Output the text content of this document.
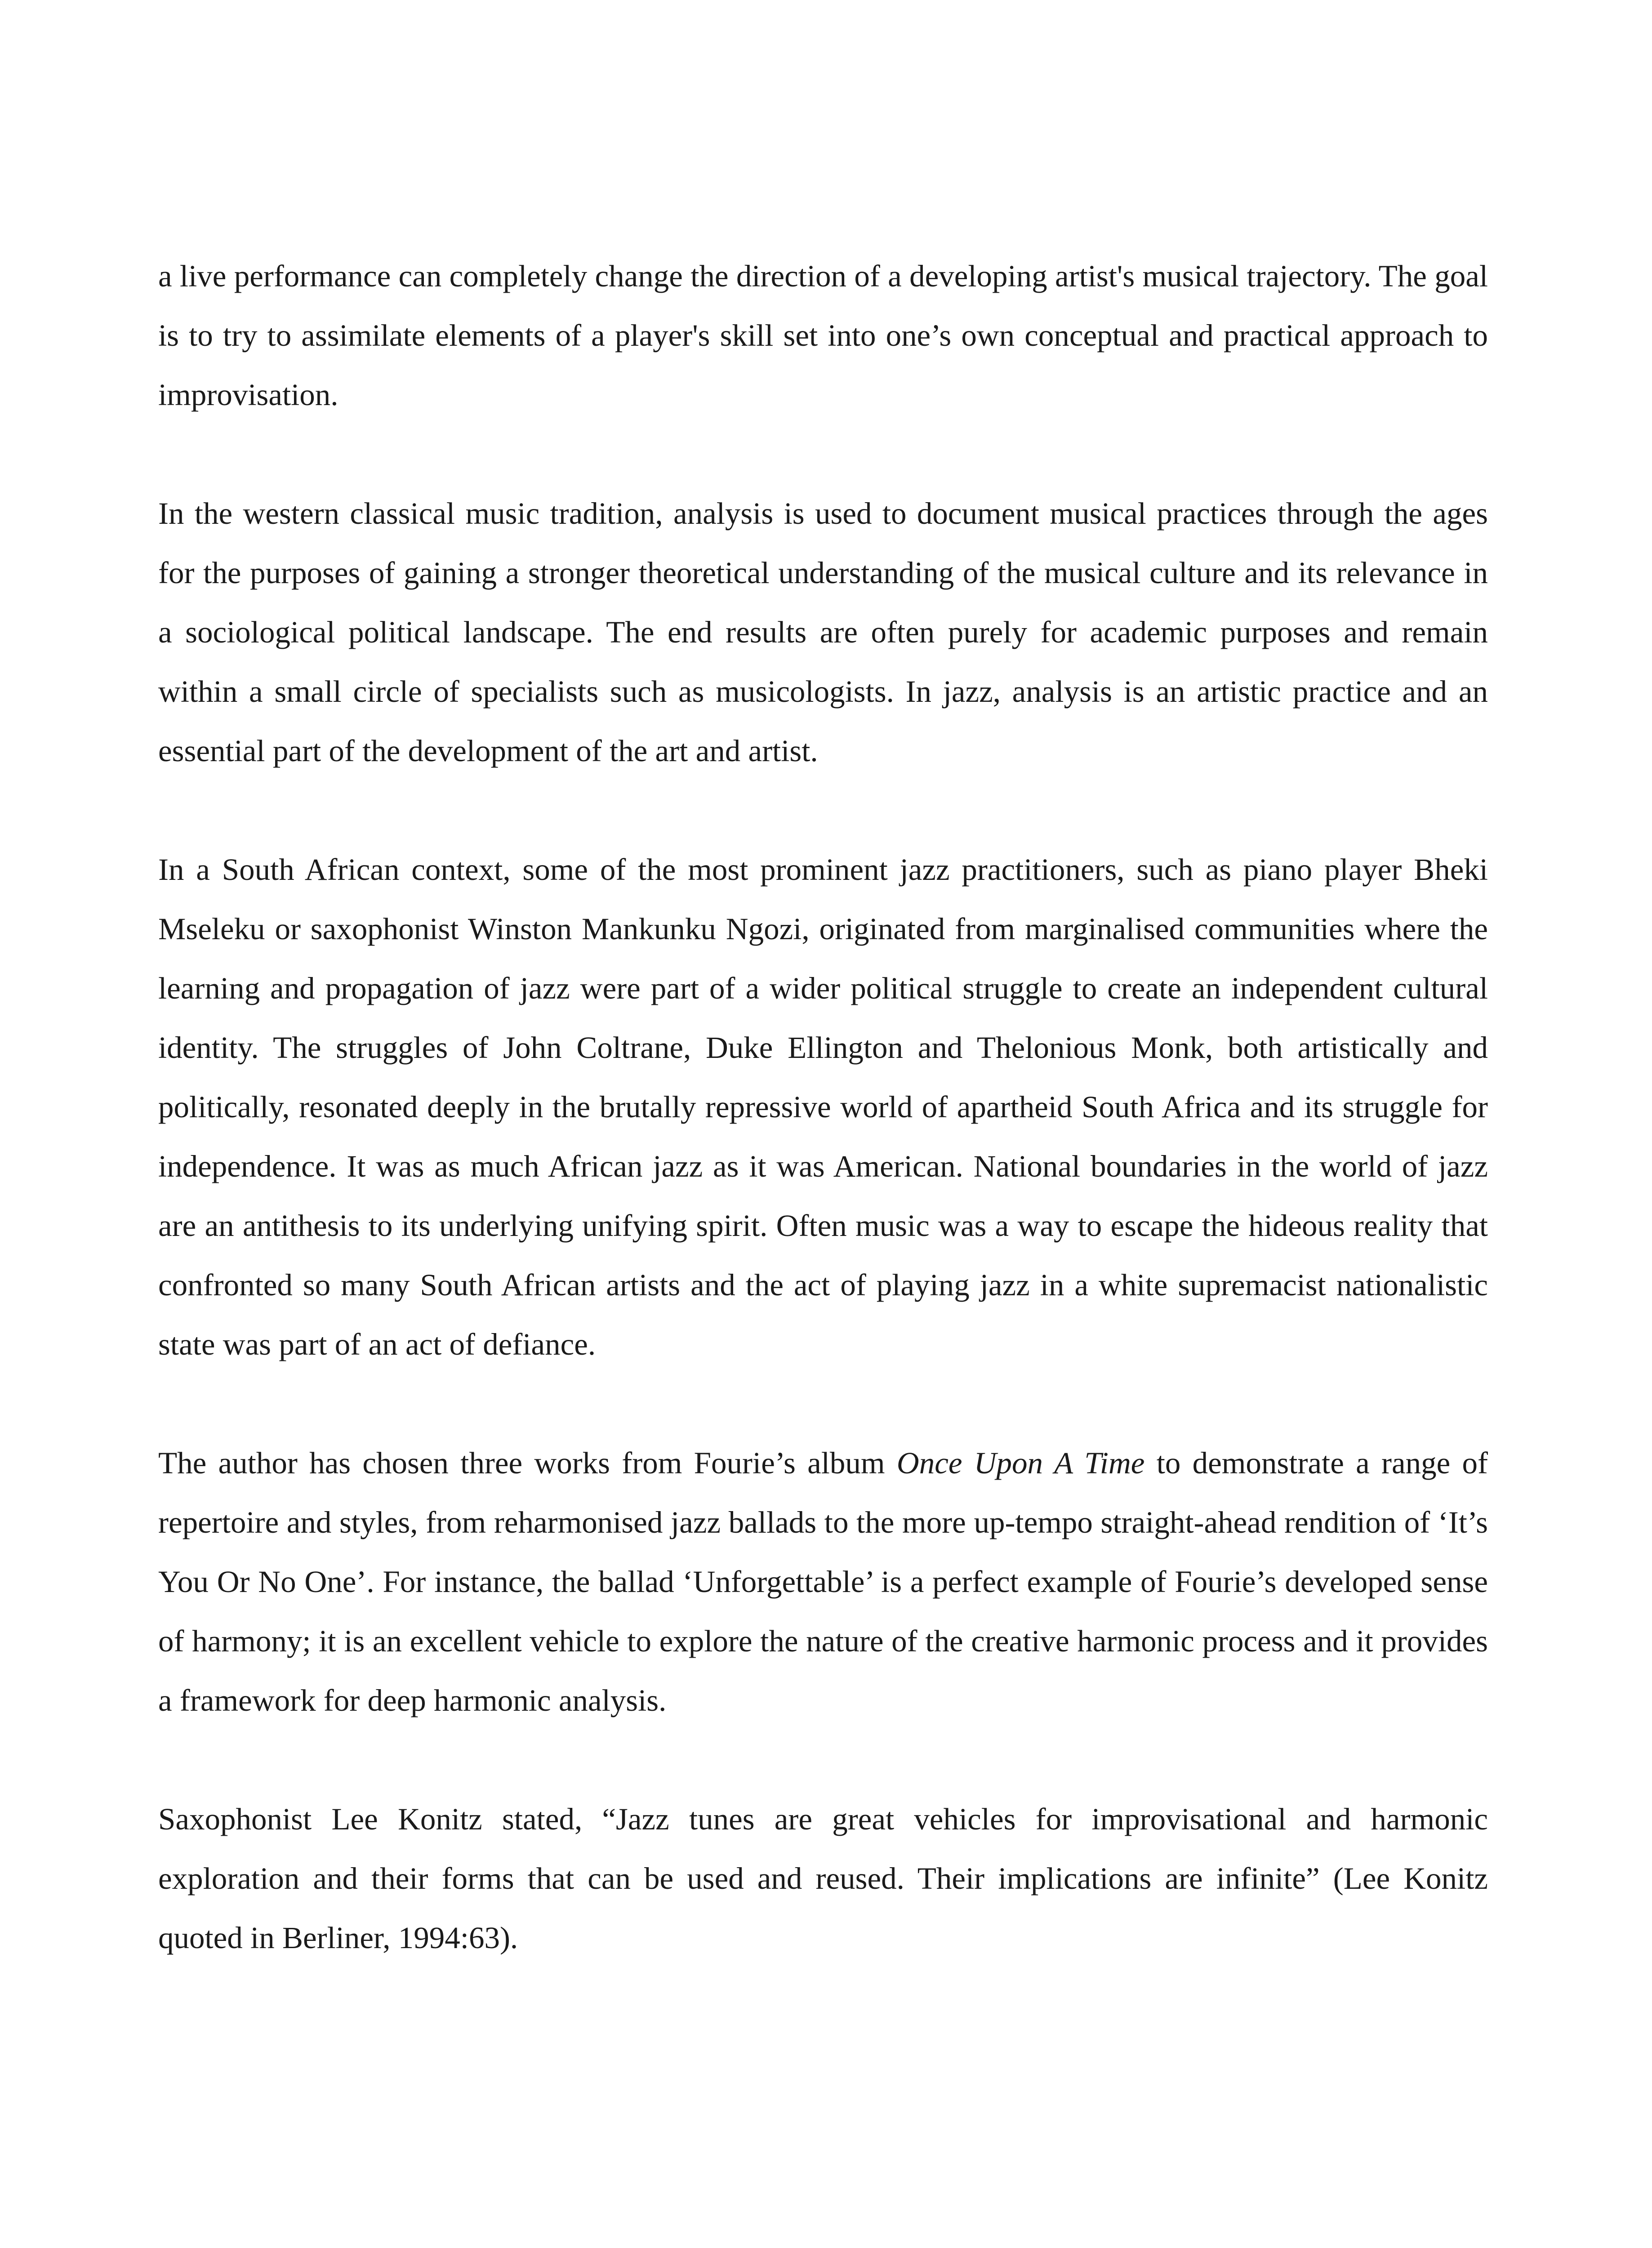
a live performance can completely change the direction of a developing artist's musical trajectory. The goal is to try to assimilate elements of a player's skill set into one’s own conceptual and practical approach to improvisation.

In the western classical music tradition, analysis is used to document musical practices through the ages for the purposes of gaining a stronger theoretical understanding of the musical culture and its relevance in a sociological political landscape. The end results are often purely for academic purposes and remain within a small circle of specialists such as musicologists. In jazz, analysis is an artistic practice and an essential part of the development of the art and artist.

In a South African context, some of the most prominent jazz practitioners, such as piano player Bheki Mseleku or saxophonist Winston Mankunku Ngozi, originated from marginalised communities where the learning and propagation of jazz were part of a wider political struggle to create an independent cultural identity. The struggles of John Coltrane, Duke Ellington and Thelonious Monk, both artistically and politically, resonated deeply in the brutally repressive world of apartheid South Africa and its struggle for independence. It was as much African jazz as it was American. National boundaries in the world of jazz are an antithesis to its underlying unifying spirit. Often music was a way to escape the hideous reality that confronted so many South African artists and the act of playing jazz in a white supremacist nationalistic state was part of an act of defiance.

The author has chosen three works from Fourie’s album Once Upon A Time to demonstrate a range of repertoire and styles, from reharmonised jazz ballads to the more up-tempo straight-ahead rendition of ‘It’s You Or No One’. For instance, the ballad ‘Unforgettable’ is a perfect example of Fourie’s developed sense of harmony; it is an excellent vehicle to explore the nature of the creative harmonic process and it provides a framework for deep harmonic analysis.

Saxophonist Lee Konitz stated, “Jazz tunes are great vehicles for improvisational and harmonic exploration and their forms that can be used and reused. Their implications are infinite” (Lee Konitz quoted in Berliner, 1994:63).
